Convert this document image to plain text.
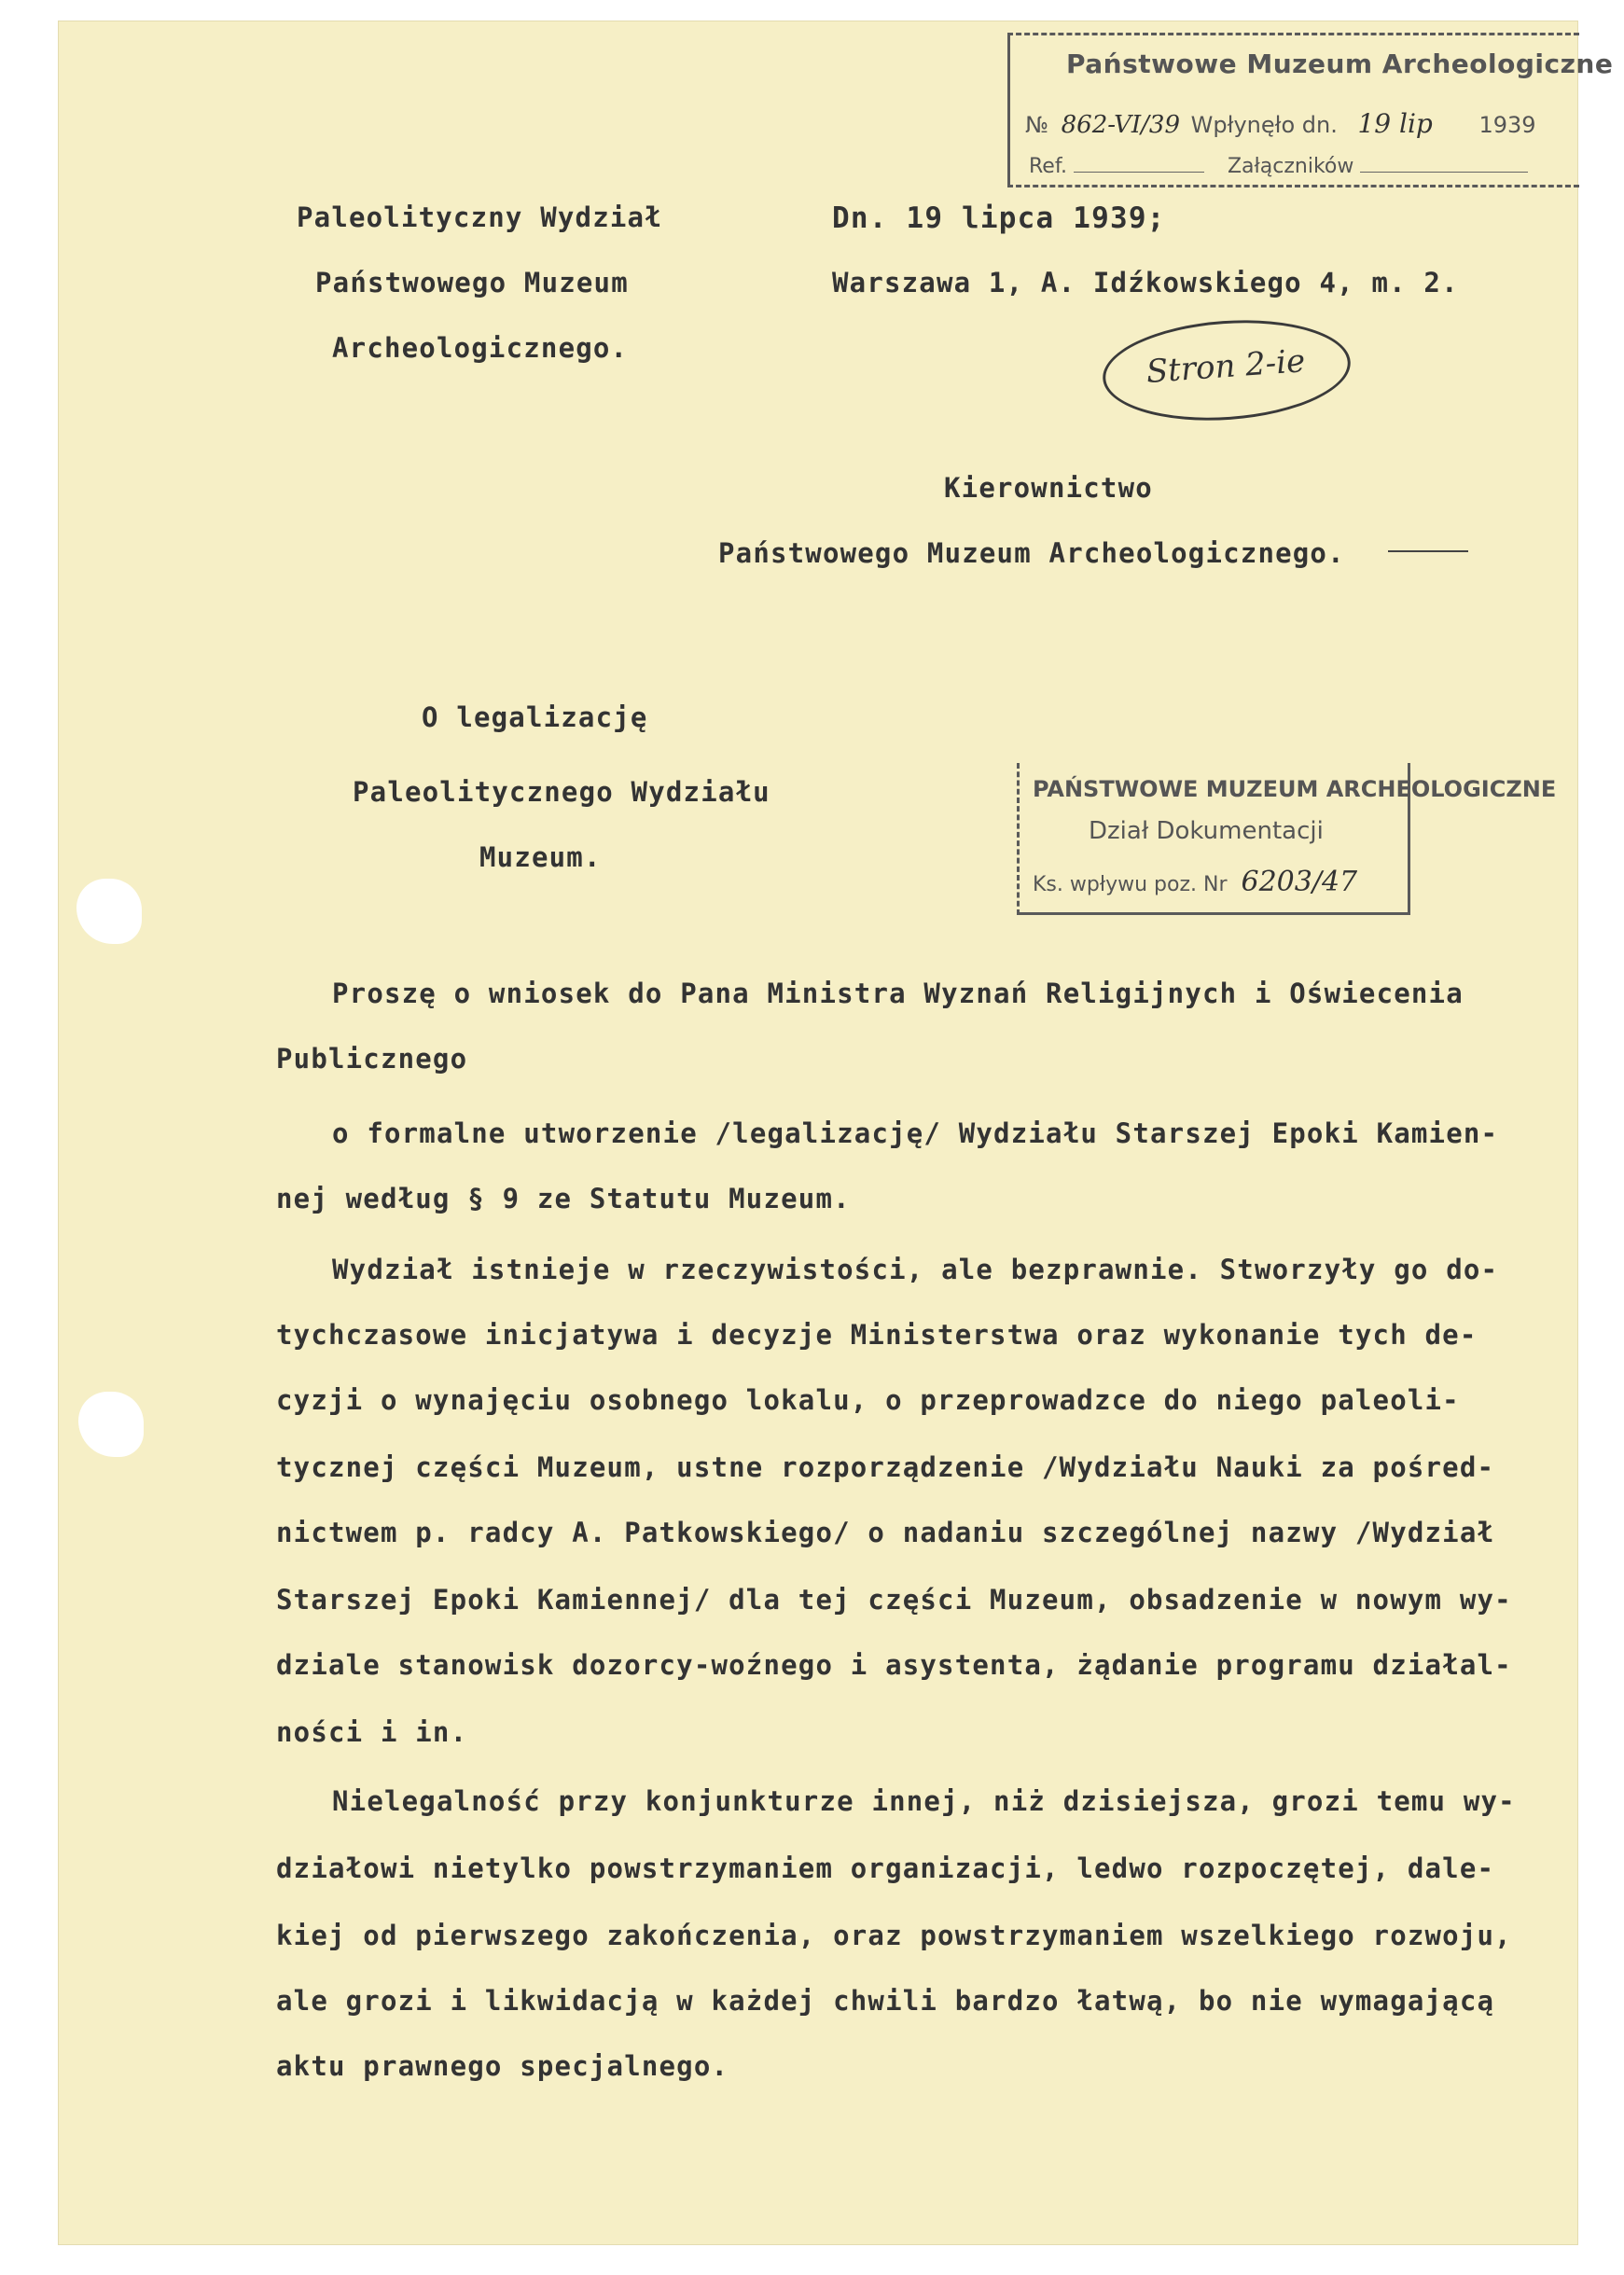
Państwowe Muzeum Archeologiczne
№ 862-VI/39 Wpłynęło dn. 19 lip 1939
Ref.	Załączników
Paleolityczny Wydział
Państwowego Muzeum
Archeologicznego.
Dn. 19 lipca 1939;
Warszawa 1, A. Idźkowskiego 4, m. 2.
Stron 2-ie
Kierownictwo
Państwowego Muzeum Archeologicznego.
O legalizację
Paleolitycznego Wydziału
Muzeum.
PAŃSTWOWE MUZEUM ARCHEOLOGICZNE
Dział Dokumentacji
Ks. wpływu poz. Nr 6203/47
Proszę o wniosek do Pana Ministra Wyznań Religijnych i Oświecenia
Publicznego
o formalne utworzenie /legalizację/ Wydziału Starszej Epoki Kamien-
nej według § 9 ze Statutu Muzeum.
Wydział istnieje w rzeczywistości, ale bezprawnie. Stworzyły go do-
tychczasowe inicjatywa i decyzje Ministerstwa oraz wykonanie tych de-
cyzji o wynajęciu osobnego lokalu, o przeprowadzce do niego paleoli-
tycznej części Muzeum, ustne rozporządzenie /Wydziału Nauki za pośred-
nictwem p. radcy A. Patkowskiego/ o nadaniu szczególnej nazwy /Wydział
Starszej Epoki Kamiennej/ dla tej części Muzeum, obsadzenie w nowym wy-
dziale stanowisk dozorcy-woźnego i asystenta, żądanie programu działal-
ności i in.
Nielegalność przy konjunkturze innej, niż dzisiejsza, grozi temu wy-
działowi nietylko powstrzymaniem organizacji, ledwo rozpoczętej, dale-
kiej od pierwszego zakończenia, oraz powstrzymaniem wszelkiego rozwoju,
ale grozi i likwidacją w każdej chwili bardzo łatwą, bo nie wymagającą
aktu prawnego specjalnego.
